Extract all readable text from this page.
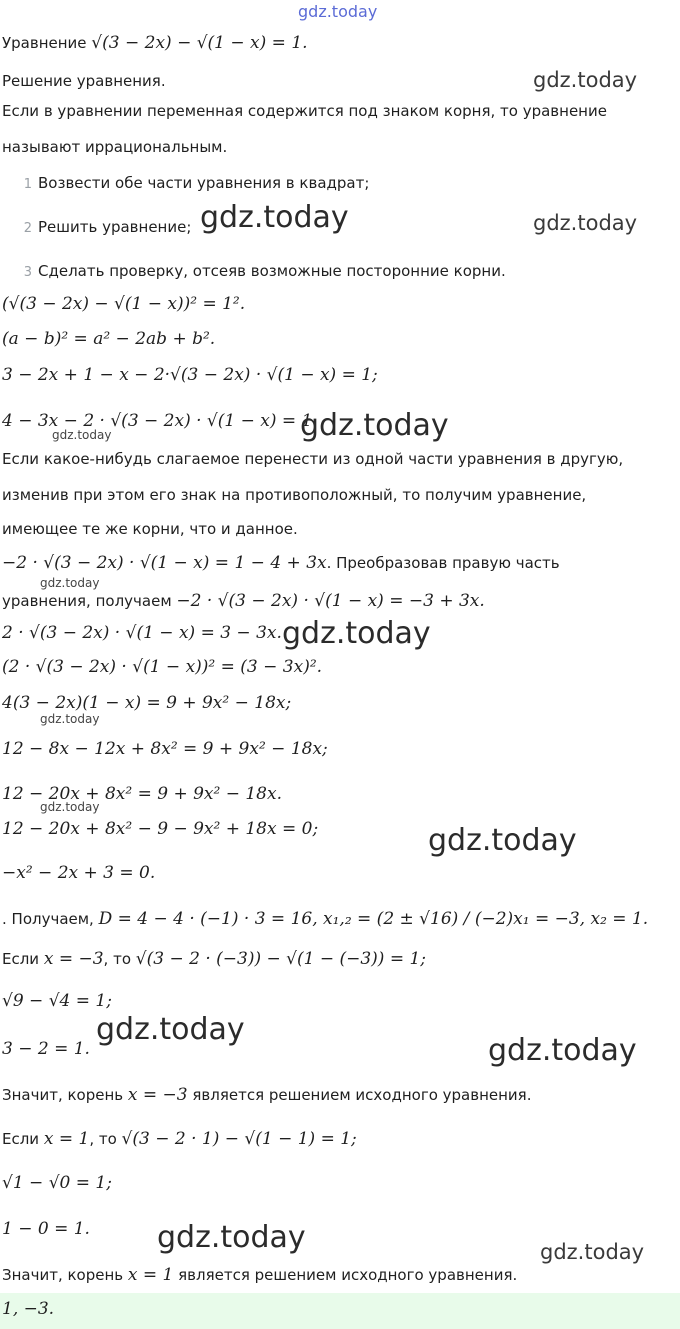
gdz.today
Уравнение √(3 − 2x) − √(1 − x) = 1.
Решение уравнения.
Если в уравнении переменная содержится под знаком корня, то уравнение
называют иррациональным.
1 Возвести обе части уравнения в квадрат;
2 Решить уравнение;
3 Сделать проверку, отсеяв возможные посторонние корни.
(√(3 − 2x) − √(1 − x))² = 1².
(a − b)² = a² − 2ab + b².
3 − 2x + 1 − x − 2·√(3 − 2x) · √(1 − x) = 1;
4 − 3x − 2 · √(3 − 2x) · √(1 − x) = 1
Если какое-нибудь слагаемое перенести из одной части уравнения в другую,
изменив при этом его знак на противоположный, то получим уравнение,
имеющее те же корни, что и данное.
−2 · √(3 − 2x) · √(1 − x) = 1 − 4 + 3x. Преобразовав правую часть
уравнения, получаем −2 · √(3 − 2x) · √(1 − x) = −3 + 3x.
2 · √(3 − 2x) · √(1 − x) = 3 − 3x.
(2 · √(3 − 2x) · √(1 − x))² = (3 − 3x)².
4(3 − 2x)(1 − x) = 9 + 9x² − 18x;
12 − 8x − 12x + 8x² = 9 + 9x² − 18x;
12 − 20x + 8x² = 9 + 9x² − 18x.
12 − 20x + 8x² − 9 − 9x² + 18x = 0;
−x² − 2x + 3 = 0.
. Получаем, D = 4 − 4 · (−1) · 3 = 16, x₁,₂ = (2 ± √16) / (−2)x₁ = −3, x₂ = 1.
Если x = −3, то √(3 − 2 · (−3)) − √(1 − (−3)) = 1;
√9 − √4 = 1;
3 − 2 = 1.
Значит, корень x = −3 является решением исходного уравнения.
Если x = 1, то √(3 − 2 · 1) − √(1 − 1) = 1;
√1 − √0 = 1;
1 − 0 = 1.
Значит, корень x = 1 является решением исходного уравнения.
gdz.today
gdz.today	gdz.today
gdz.today
gdz.today
gdz.today
gdz.today
gdz.today
gdz.today
gdz.today
gdz.today
gdz.today
gdz.today	gdz.today
1, −3.
